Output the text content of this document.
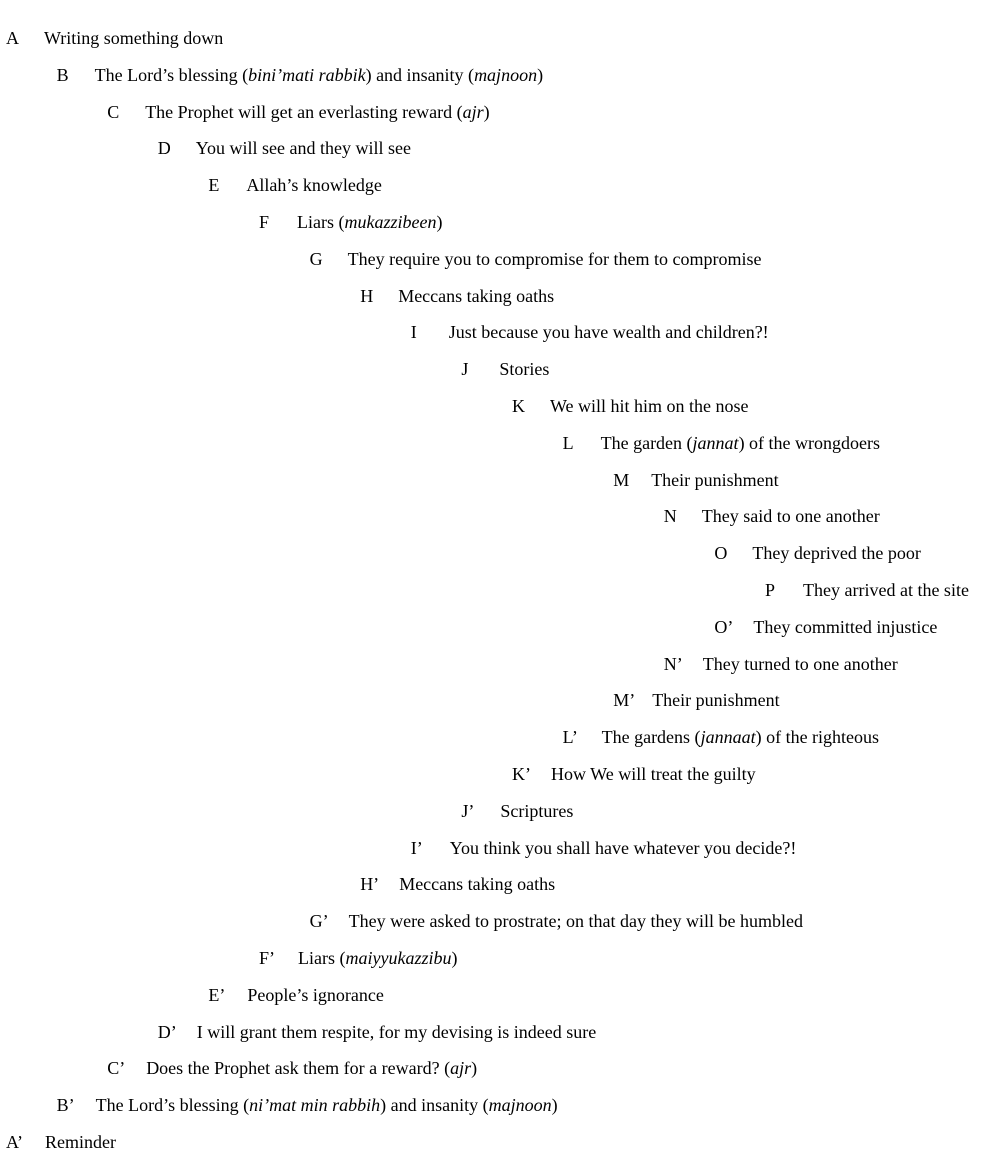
A Writing something down
B The Lord’s blessing (bini’mati rabbik) and insanity (majnoon)
C The Prophet will get an everlasting reward (ajr)
D You will see and they will see
E Allah’s knowledge
F Liars (mukazzibeen)
G They require you to compromise for them to compromise
H Meccans taking oaths
I Just because you have wealth and children?!
J Stories
K We will hit him on the nose
L The garden (jannat) of the wrongdoers
M Their punishment
N They said to one another
O They deprived the poor
P They arrived at the site
O’ They committed injustice
N’ They turned to one another
M’ Their punishment
L’ The gardens (jannaat) of the righteous
K’ How We will treat the guilty
J’ Scriptures
I’ You think you shall have whatever you decide?!
H’ Meccans taking oaths
G’ They were asked to prostrate; on that day they will be humbled
F’ Liars (maiyyukazzibu)
E’ People’s ignorance
D’ I will grant them respite, for my devising is indeed sure
C’ Does the Prophet ask them for a reward? (ajr)
B’ The Lord’s blessing (ni’mat min rabbih) and insanity (majnoon)
A’ Reminder
